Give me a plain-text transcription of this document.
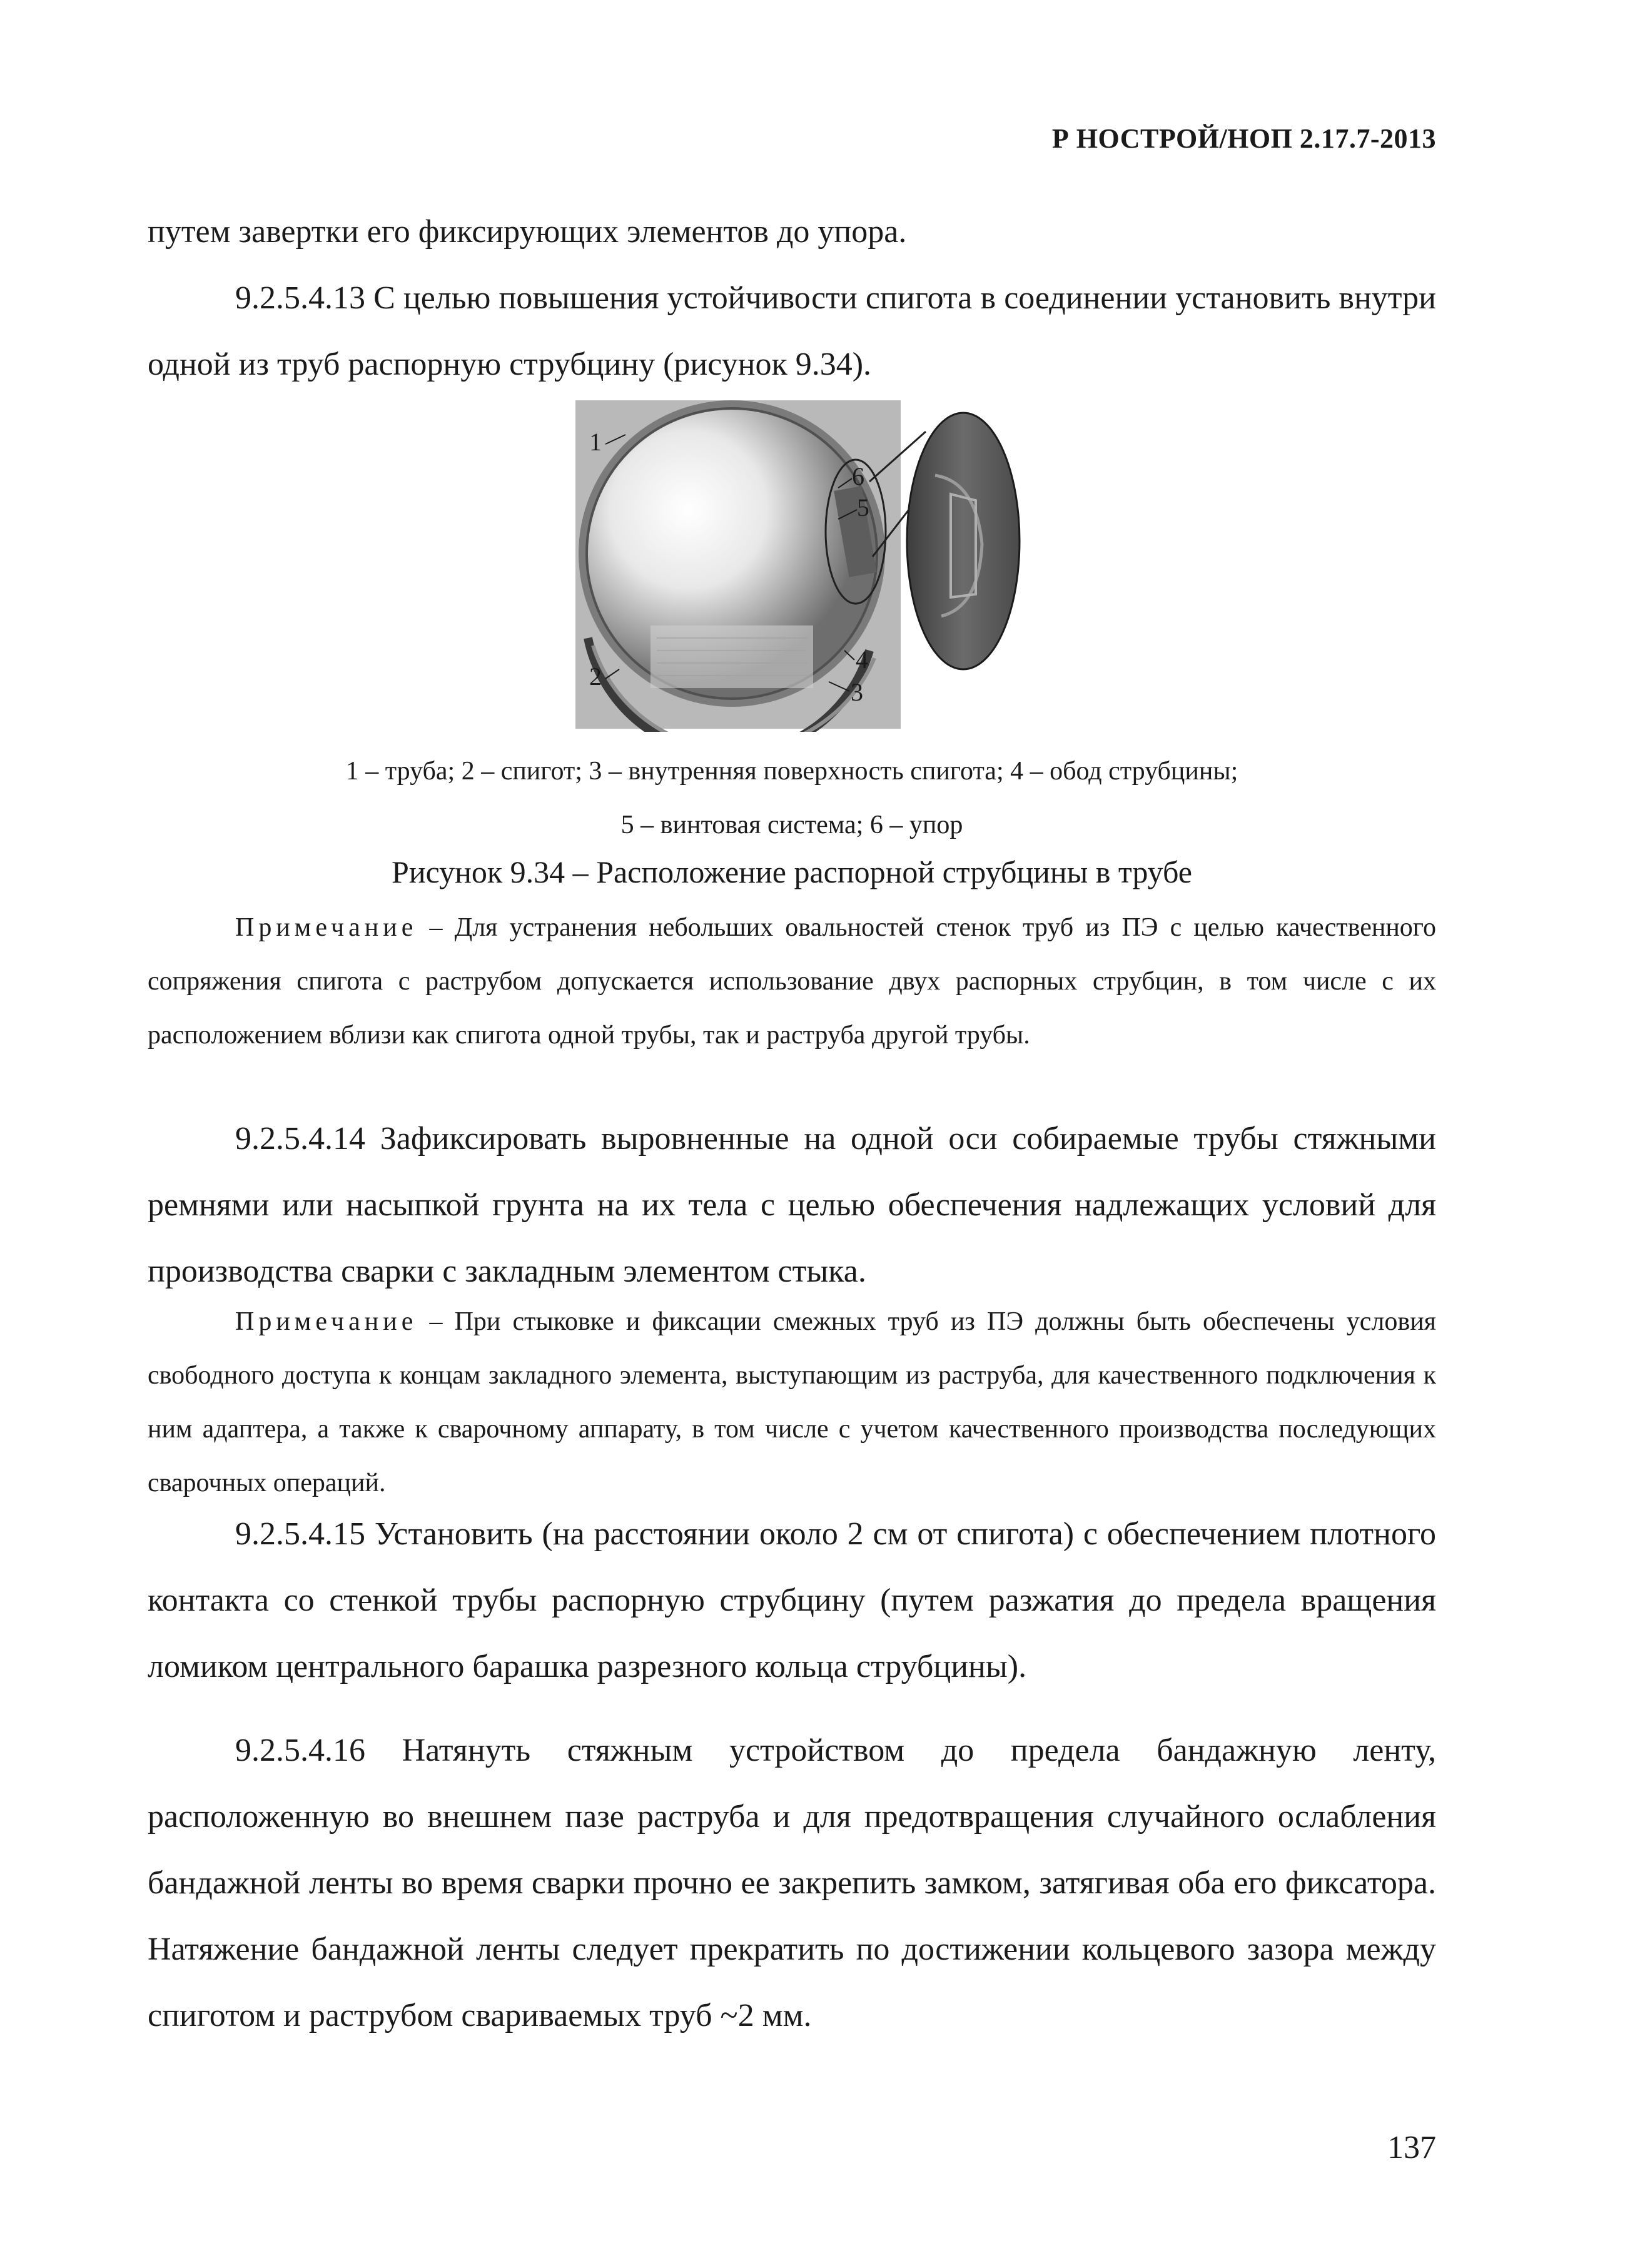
Р НОСТРОЙ/НОП 2.17.7-2013

путем завертки его фиксирующих элементов до упора.

9.2.5.4.13 С целью повышения устойчивости спигота в соединении установить внутри одной из труб распорную струбцину (рисунок 9.34).

1
2
3
4
5
6
1 – труба; 2 – спигот; 3 – внутренняя поверхность спигота; 4 – обод струбцины;
5 – винтовая система; 6 – упор
Рисунок 9.34 – Расположение распорной струбцины в трубе

Примечание – Для устранения небольших овальностей стенок труб из ПЭ с целью качественного сопряжения спигота с раструбом допускается использование двух распорных струбцин, в том числе с их расположением вблизи как спигота одной трубы, так и раструба другой трубы.

9.2.5.4.14 Зафиксировать выровненные на одной оси собираемые трубы стяжными ремнями или насыпкой грунта на их тела с целью обеспечения надлежащих условий для производства сварки с закладным элементом стыка.

Примечание – При стыковке и фиксации смежных труб из ПЭ должны быть обеспечены условия свободного доступа к концам закладного элемента, выступающим из раструба, для качественного подключения к ним адаптера, а также к сварочному аппарату, в том числе с учетом качественного производства последующих сварочных операций.

9.2.5.4.15 Установить (на расстоянии около 2 см от спигота) с обеспечением плотного контакта со стенкой трубы распорную струбцину (путем разжатия до предела вращения ломиком центрального барашка разрезного кольца струбцины).

9.2.5.4.16 Натянуть стяжным устройством до предела бандажную ленту, расположенную во внешнем пазе раструба и для предотвращения случайного ослабления бандажной ленты во время сварки прочно ее закрепить замком, затягивая оба его фиксатора. Натяжение бандажной ленты следует прекратить по достижении кольцевого зазора между спиготом и раструбом свариваемых труб ~2 мм.

137
